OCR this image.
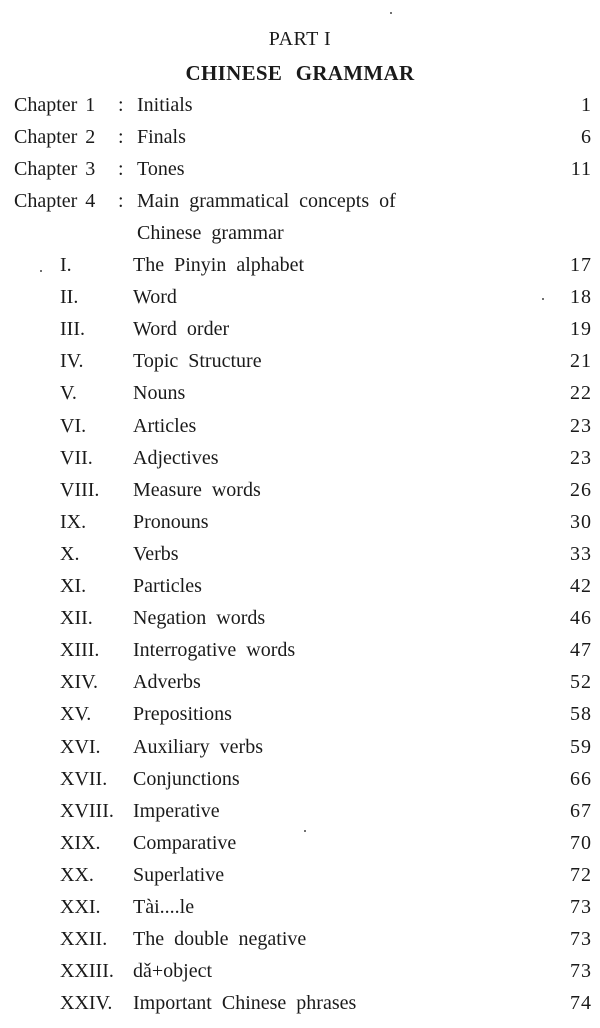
PART I
CHINESE GRAMMAR
Chapter 1 : Initials	1
Chapter 2 : Finals	6
Chapter 3 : Tones	11
Chapter 4 : Main grammatical concepts of
Chinese grammar
I.	The Pinyin alphabet	17
II.	Word	18
III. Word order	19
IV. Topic Structure	21
V.	Nouns	22
VI. Articles	23
VII. Adjectives	23
VIII. Measure words	26
IX. Pronouns	30
X.	Verbs	33
XI. Particles	42
XII. Negation words	46
XIII. Interrogative words	47
XIV. Adverbs	52
XV. Prepositions	58
XVI. Auxiliary verbs	59
XVII. Conjunctions	66
XVIII. Imperative	67
XIX. Comparative	70
XX. Superlative	72
XXI. Tài....le	73
XXII. The double negative	73
XXIII. dǎ+object	73
XXIV. Important Chinese phrases	74
